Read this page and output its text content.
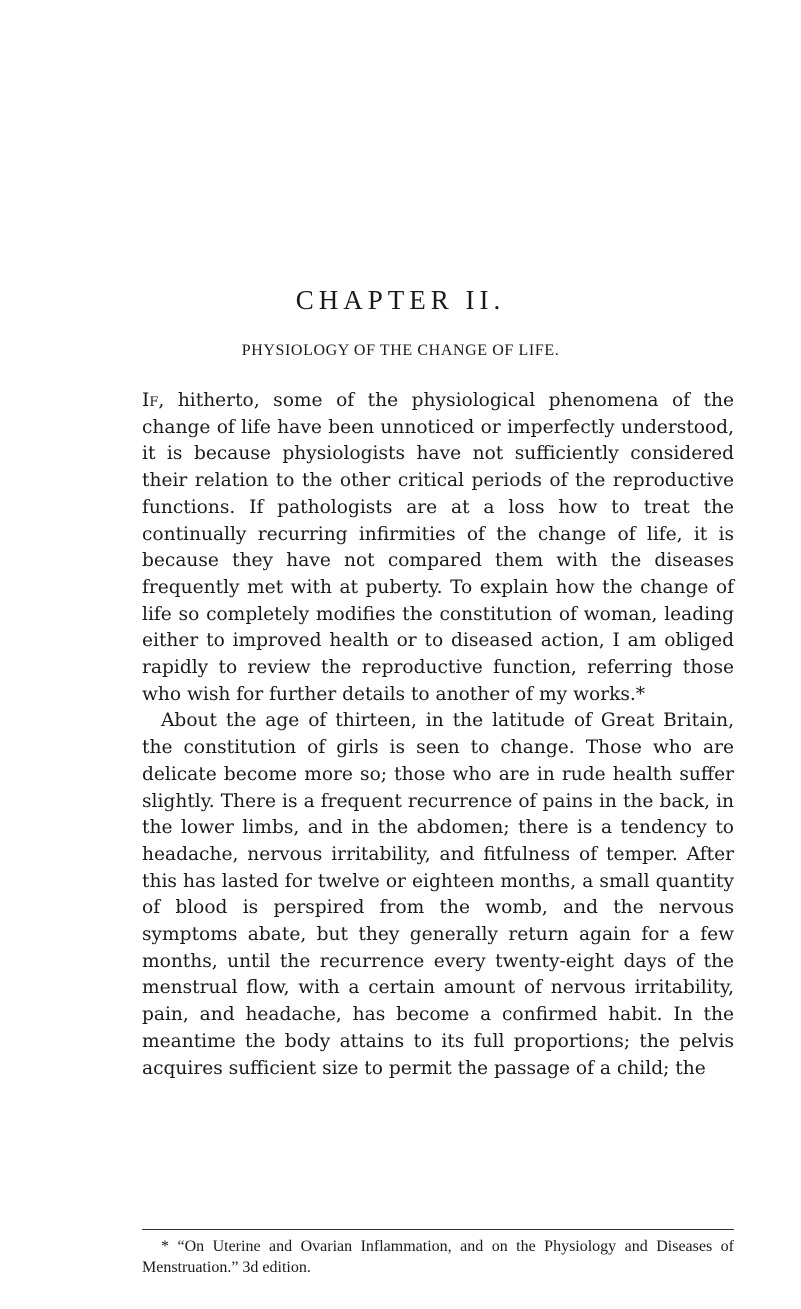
CHAPTER II.
PHYSIOLOGY OF THE CHANGE OF LIFE.

If, hitherto, some of the physiological phenomena of the change of life have been unnoticed or imperfectly understood, it is because physiologists have not sufficiently considered their relation to the other critical periods of the reproductive functions. If pathologists are at a loss how to treat the continually recurring infirmities of the change of life, it is because they have not compared them with the diseases frequently met with at puberty. To explain how the change of life so completely modifies the constitution of woman, leading either to improved health or to diseased action, I am obliged rapidly to review the reproductive function, referring those who wish for further details to another of my works.*

About the age of thirteen, in the latitude of Great Britain, the constitution of girls is seen to change. Those who are delicate become more so; those who are in rude health suffer slightly. There is a frequent recurrence of pains in the back, in the lower limbs, and in the abdomen; there is a tendency to headache, nervous irritability, and fitfulness of temper. After this has lasted for twelve or eighteen months, a small quantity of blood is perspired from the womb, and the nervous symptoms abate, but they generally return again for a few months, until the recurrence every twenty-eight days of the menstrual flow, with a certain amount of nervous irritability, pain, and headache, has become a confirmed habit. In the meantime the body attains to its full proportions; the pelvis acquires sufficient size to permit the passage of a child; the

* “On Uterine and Ovarian Inflammation, and on the Physiology and Diseases of Menstruation.” 3d edition.
